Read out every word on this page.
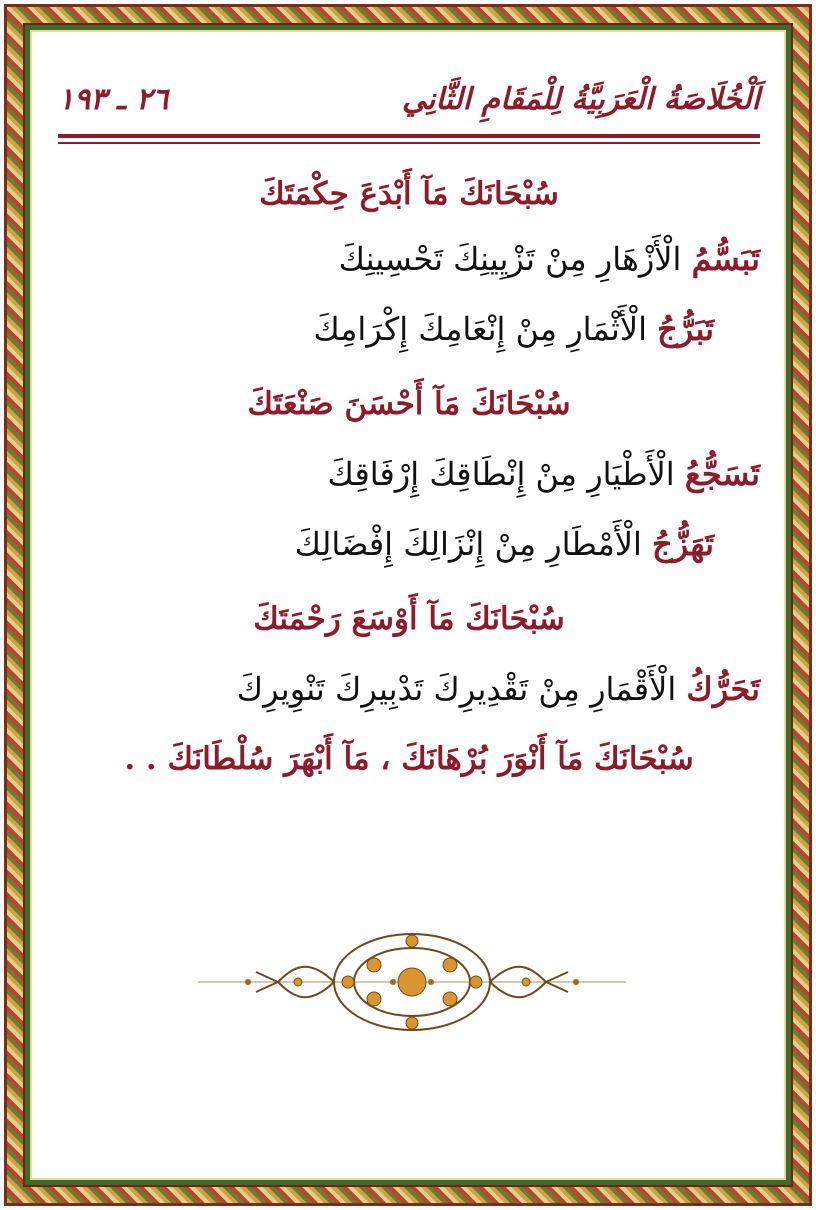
اَلْخُلَاصَةُ الْعَرَبِيَّةُ لِلْمَقَامِ الثَّانِي
٢٦ ـ ١٩٣
سُبْحَانَكَ مَآ أَبْدَعَ حِكْمَتَكَ
تَبَسُّمُ الْأَزْهَارِ مِنْ تَزْيِينِكَ تَحْسِينِكَ
تَبَرُّجُ الْأَثْمَارِ مِنْ إِنْعَامِكَ إِكْرَامِكَ
سُبْحَانَكَ مَآ أَحْسَنَ صَنْعَتَكَ
تَسَجُّعُ الْأَطْيَارِ مِنْ إِنْطَاقِكَ إِرْفَاقِكَ
تَهَزُّجُ الْأَمْطَارِ مِنْ إِنْزَالِكَ إِفْضَالِكَ
سُبْحَانَكَ مَآ أَوْسَعَ رَحْمَتَكَ
تَحَرُّكُ الْأَقْمَارِ مِنْ تَقْدِيرِكَ تَدْبِيرِكَ تَنْوِيرِكَ
سُبْحَانَكَ مَآ أَنْوَرَ بُرْهَانَكَ ، مَآ أَبْهَرَ سُلْطَانَكَ . .
